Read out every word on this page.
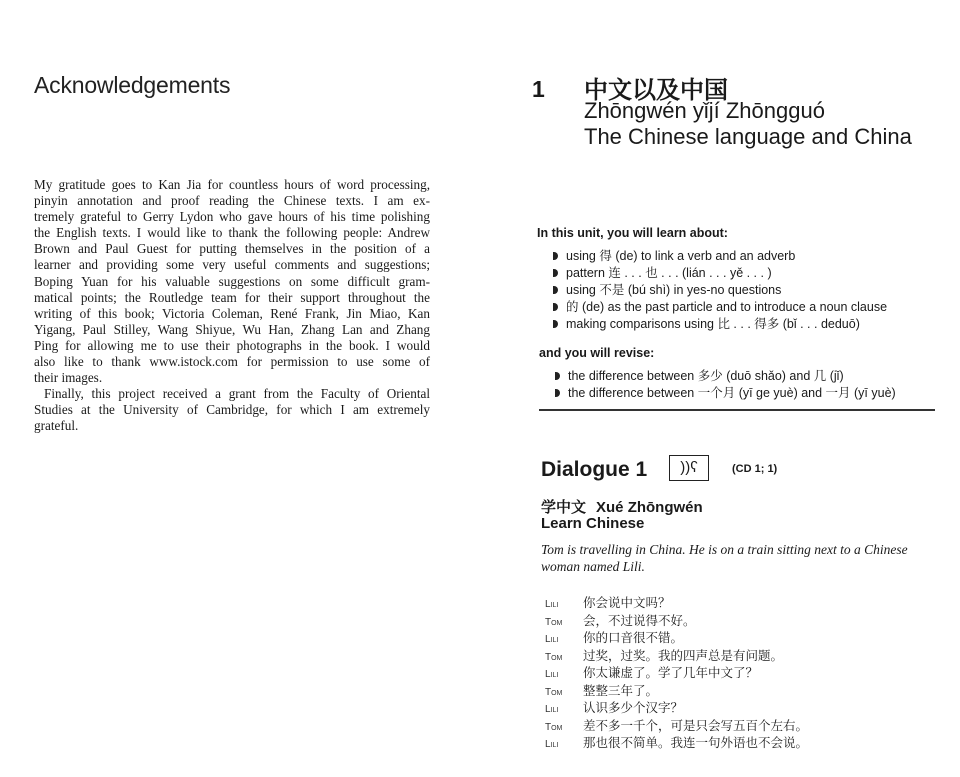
Acknowledgements
My gratitude goes to Kan Jia for countless hours of word processing,
pinyin annotation and proof reading the Chinese texts. I am ex-
tremely grateful to Gerry Lydon who gave hours of his time polishing
the English texts. I would like to thank the following people: Andrew
Brown and Paul Guest for putting themselves in the position of a
learner and providing some very useful comments and suggestions;
Boping Yuan for his valuable suggestions on some difficult gram-
matical points; the Routledge team for their support throughout the
writing of this book; Victoria Coleman, René Frank, Jin Miao, Kan
Yigang, Paul Stilley, Wang Shiyue, Wu Han, Zhang Lan and Zhang
Ping for allowing me to use their photographs in the book. I would
also like to thank www.istock.com for permission to use some of
their images.
Finally, this project received a grant from the Faculty of Oriental
Studies at the University of Cambridge, for which I am extremely
grateful.
1 中文以及中国
Zhōngwén yǐjí Zhōngguó
The Chinese language and China
In this unit, you will learn about:
using 得 (de) to link a verb and an adverb
pattern 连 . . . 也 . . . (lián . . . yě . . . )
using 不是 (bú shì) in yes-no questions
的 (de) as the past particle and to introduce a noun clause
making comparisons using 比 . . . 得多 (bǐ . . . deduō)
and you will revise:
the difference between 多少 (duō shǎo) and 几 (jǐ)
the difference between 一个月 (yī ge yuè) and 一月 (yī yuè)
Dialogue 1	))ʕ	(CD 1; 1)
学中文 Xué Zhōngwén
Learn Chinese
Tom is travelling in China. He is on a train sitting next to a Chinese woman named Lili.
Lili 你会说中文吗？
Tom 会，不过说得不好。
Lili 你的口音很不错。
Tom 过奖，过奖。我的四声总是有问题。
Lili 你太谦虚了。学了几年中文了？
Tom 整整三年了。
Lili 认识多少个汉字？
Tom 差不多一千个，可是只会写五百个左右。
Lili 那也很不简单。我连一句外语也不会说。
